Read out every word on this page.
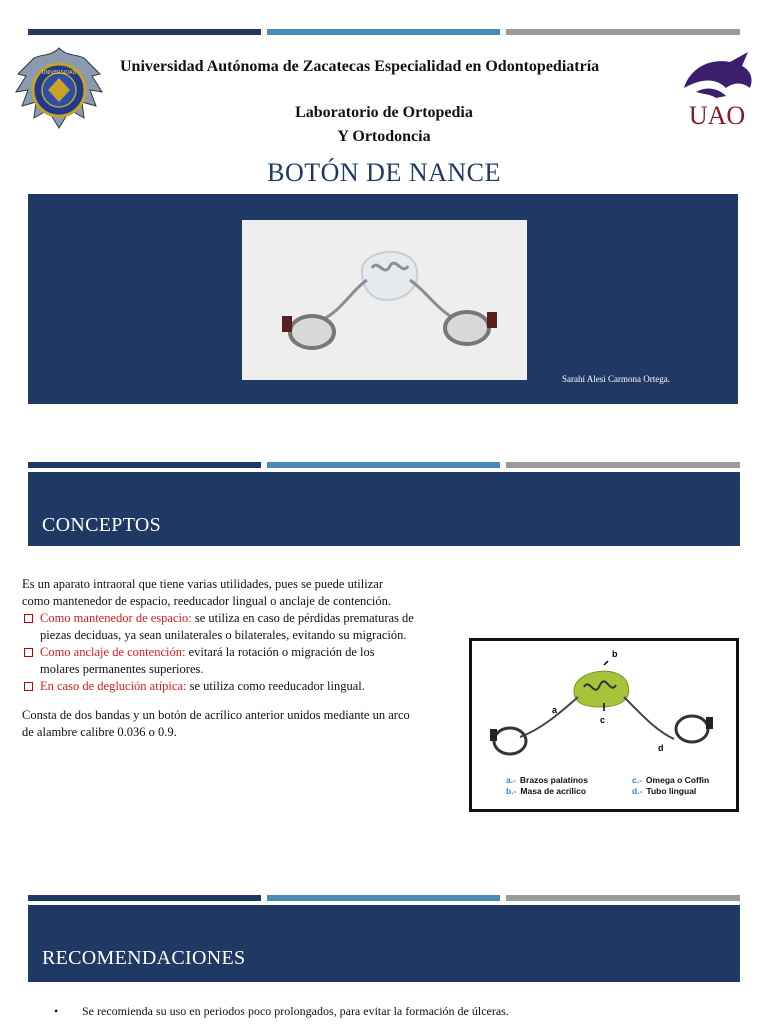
UNIVERSIDAD
UAO
Universidad Autónoma de Zacatecas Especialidad en Odontopediatría
Laboratorio de Ortopedia
Y Ortodoncia
BOTÓN DE NANCE
Sarahí Alesi Carmona Ortega.
CONCEPTOS

Es un aparato intraoral que tiene varias utilidades, pues se puede utilizar

como mantenedor de espacio, reeducador lingual o anclaje de contención.

Como mantenedor de espacio: se utiliza en caso de pérdidas prematuras de

piezas deciduas, ya sean unilaterales o bilaterales, evitando su migración.

Como anclaje de contención: evitará la rotación o migración de los

molares permanentes superiores.

En caso de deglución atípica: se utiliza como reeducador lingual.

Consta de dos bandas y un botón de acrílico anterior unidos mediante un arco

de alambre calibre 0.036 o 0.9.

b
a
c
d
a.- Brazos palatinos
b.- Masa de acrílico
c.- Omega o Coffin
d.- Tubo lingual
RECOMENDACIONES
• Se recomienda su uso en periodos poco prolongados, para evitar la formación de úlceras.
